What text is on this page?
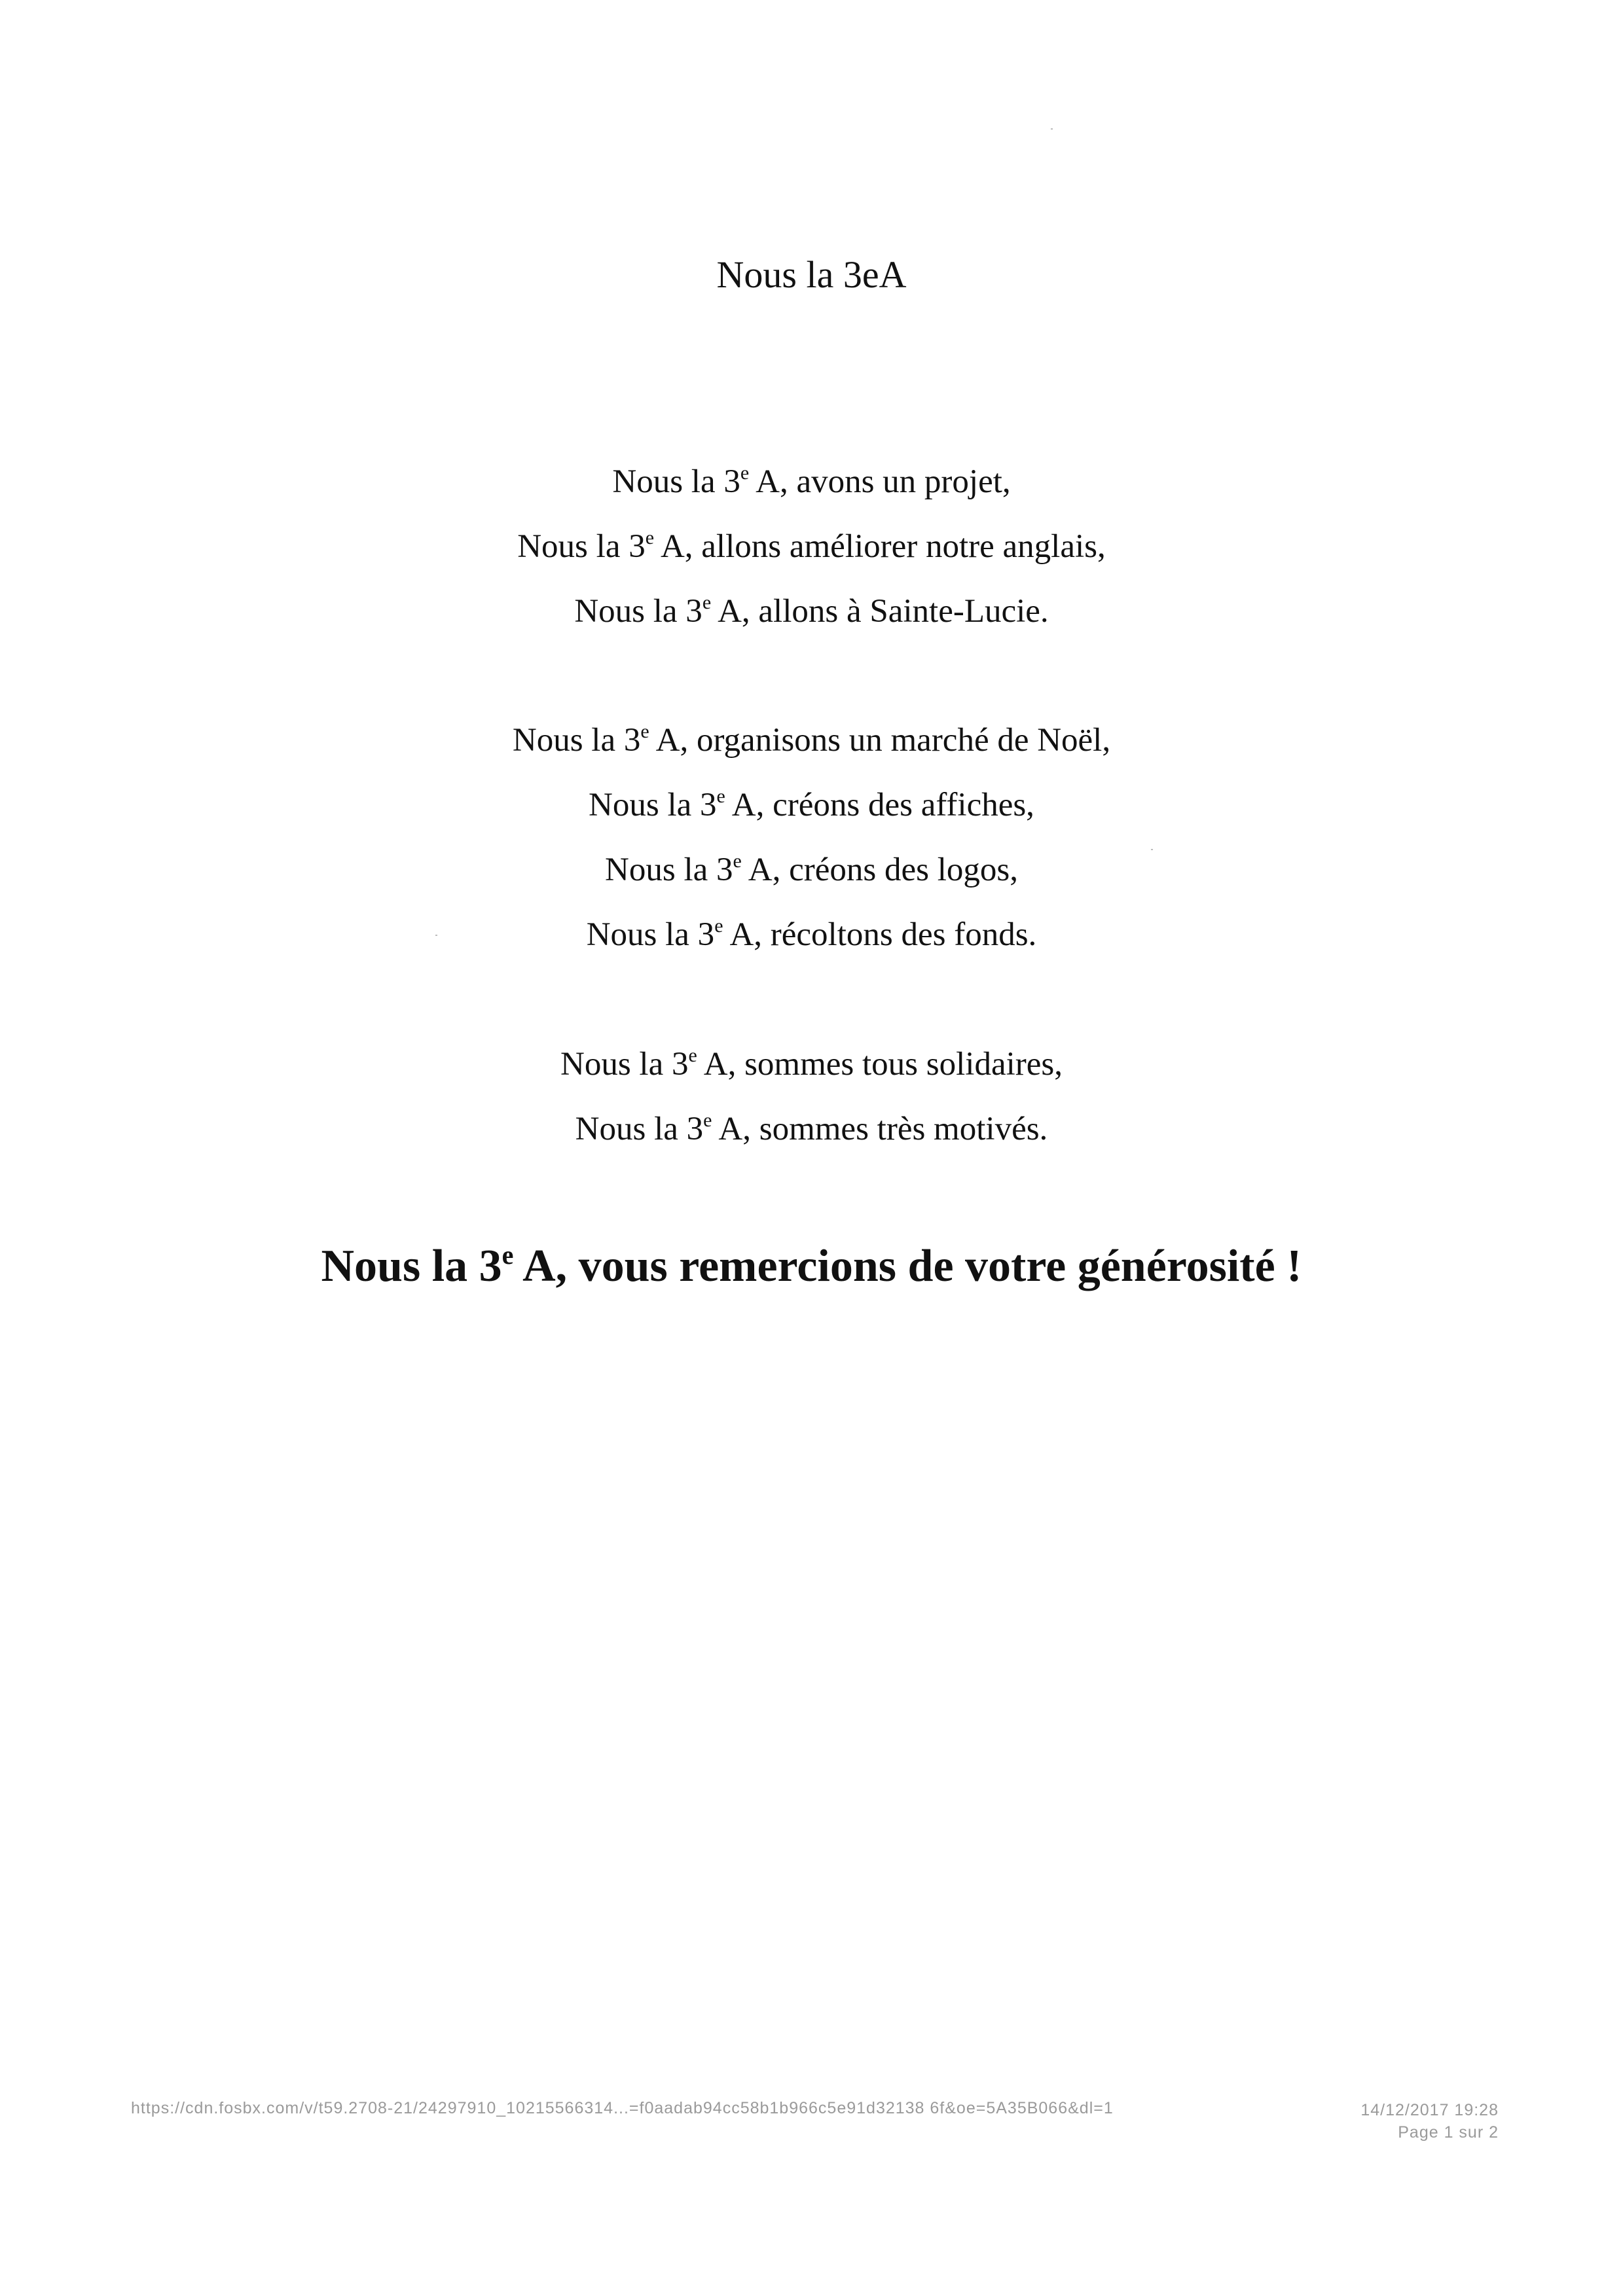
Nous la 3eA
Nous la 3e A, avons un projet,
Nous la 3e A, allons améliorer notre anglais,
Nous la 3e A, allons à Sainte-Lucie.
Nous la 3e A, organisons un marché de Noël,
Nous la 3e A, créons des affiches,
Nous la 3e A, créons des logos,
Nous la 3e A, récoltons des fonds.
Nous la 3e A, sommes tous solidaires,
Nous la 3e A, sommes très motivés.
Nous la 3e A, vous remercions de votre générosité !
https://cdn.fosbx.com/v/t59.2708-21/24297910_10215566314...=f0aadab94cc58b1b966c5e91d32138 6f&oe=5A35B066&dl=1	14/12/2017 19:28
Page 1 sur 2
